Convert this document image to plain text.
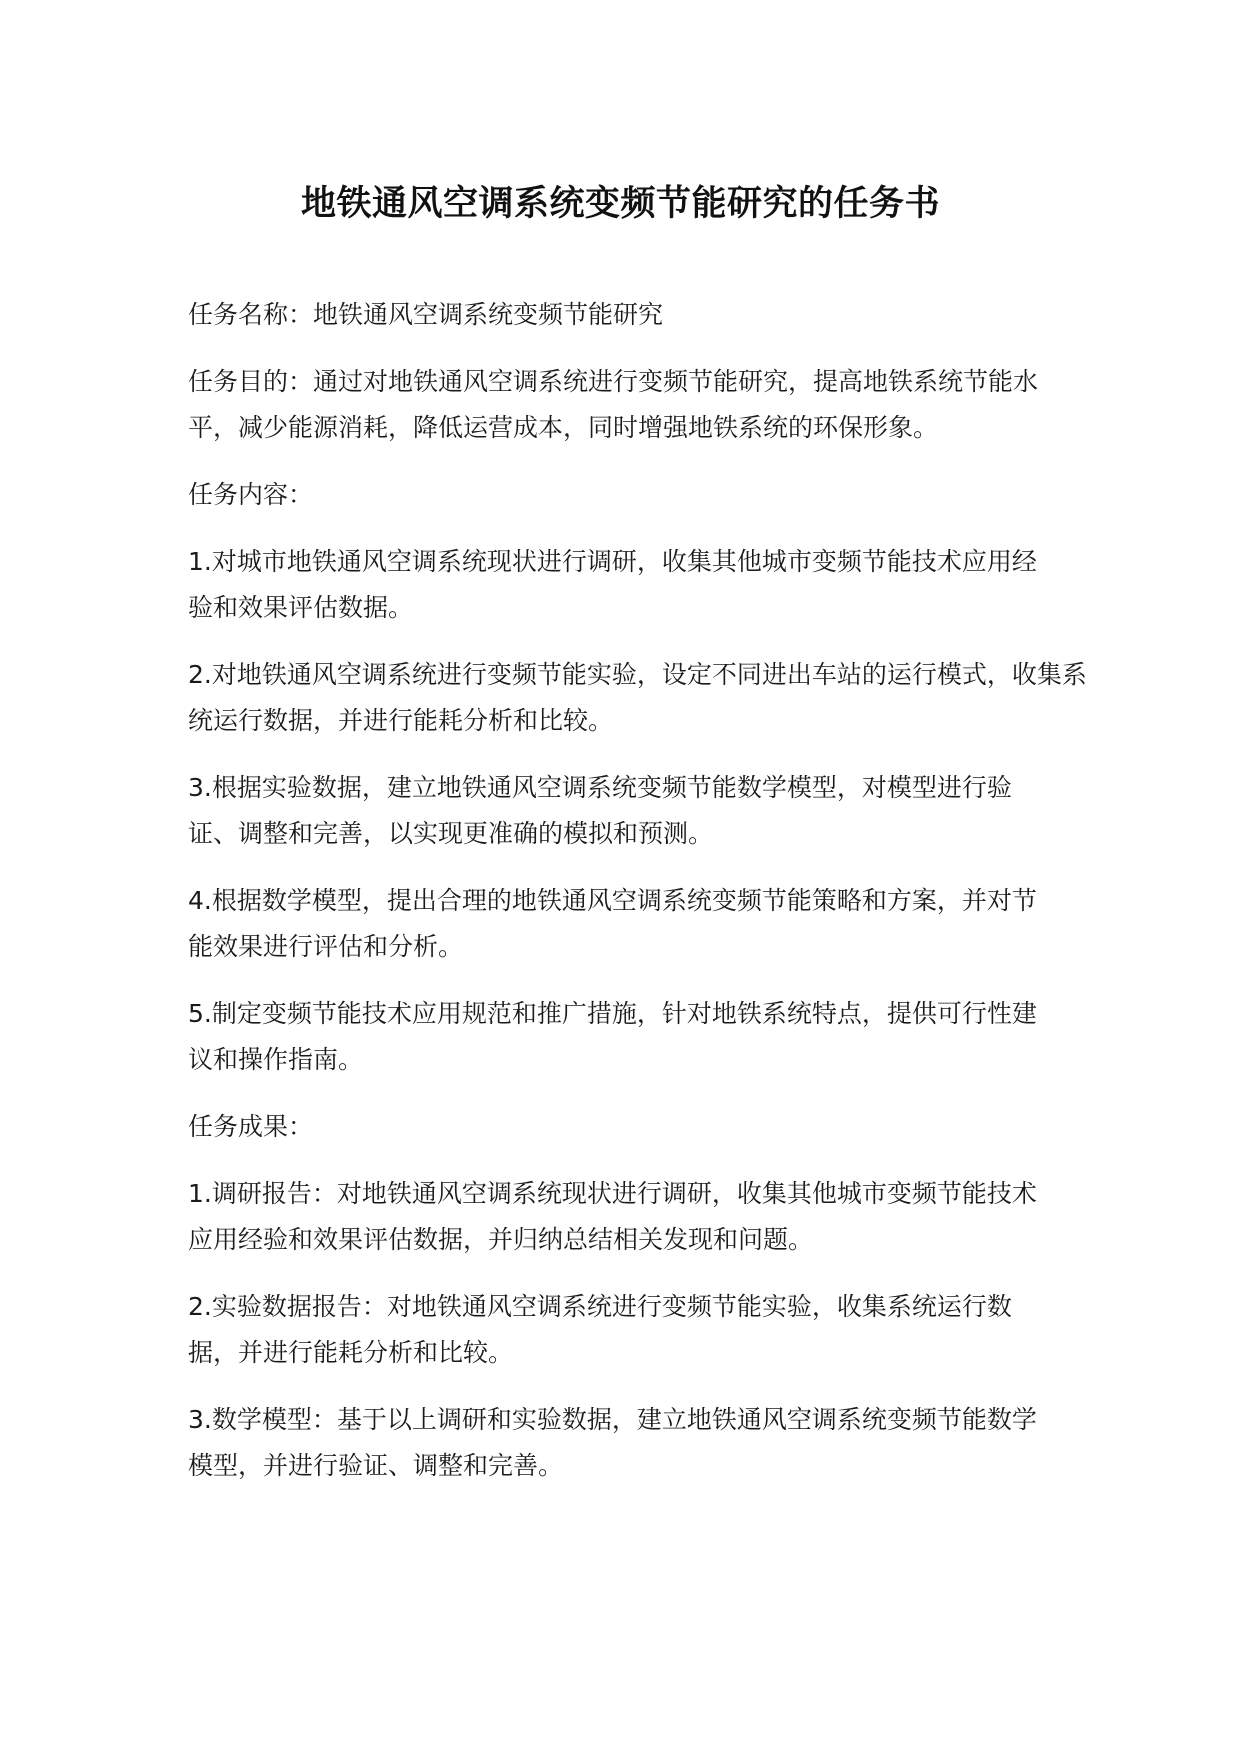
地铁通风空调系统变频节能研究的任务书

任务名称：地铁通风空调系统变频节能研究

任务目的：通过对地铁通风空调系统进行变频节能研究，提高地铁系统节能水平，减少能源消耗，降低运营成本，同时增强地铁系统的环保形象。

任务内容：

1.对城市地铁通风空调系统现状进行调研，收集其他城市变频节能技术应用经验和效果评估数据。

2.对地铁通风空调系统进行变频节能实验，设定不同进出车站的运行模式，收集系统运行数据，并进行能耗分析和比较。

3.根据实验数据，建立地铁通风空调系统变频节能数学模型，对模型进行验证、调整和完善，以实现更准确的模拟和预测。

4.根据数学模型，提出合理的地铁通风空调系统变频节能策略和方案，并对节能效果进行评估和分析。

5.制定变频节能技术应用规范和推广措施，针对地铁系统特点，提供可行性建议和操作指南。

任务成果：

1.调研报告：对地铁通风空调系统现状进行调研，收集其他城市变频节能技术应用经验和效果评估数据，并归纳总结相关发现和问题。

2.实验数据报告：对地铁通风空调系统进行变频节能实验，收集系统运行数据，并进行能耗分析和比较。

3.数学模型：基于以上调研和实验数据，建立地铁通风空调系统变频节能数学模型，并进行验证、调整和完善。
